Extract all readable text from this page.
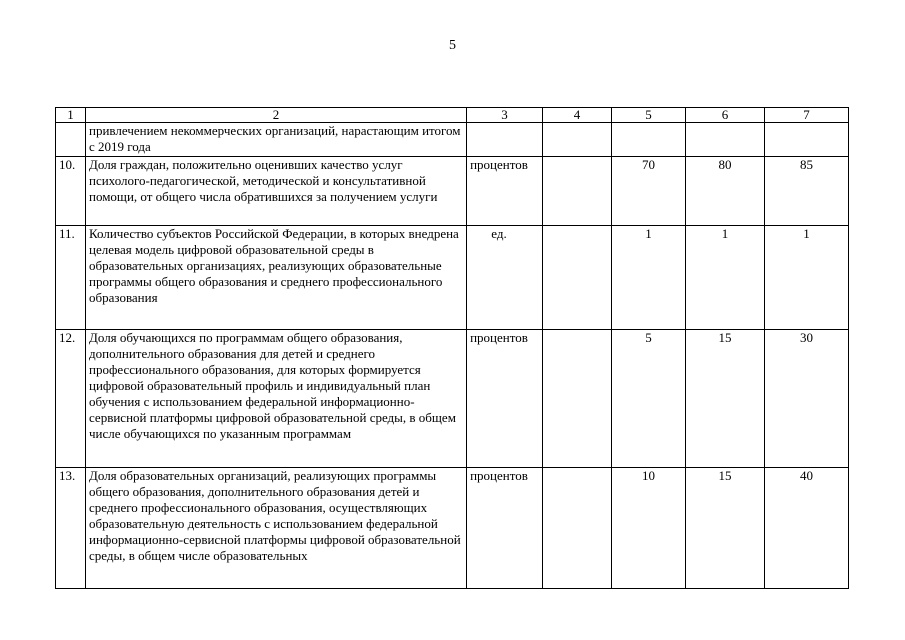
5
1	2	3	4	5	6	7
	привлечением некоммерческих организаций, нарастающим итогом с 2019 года					
10.	Доля граждан, положительно оценивших качество услуг психолого-педагогической, методической и консультативной помощи, от общего числа обратившихся за получением услуги	процентов		70	80	85
11.	Количество субъектов Российской Федерации, в которых внедрена целевая модель цифровой образовательной среды в образовательных организациях, реализующих образовательные программы общего образования и среднего профессионального образования	ед.		1	1	1
12.	Доля обучающихся по программам общего образования, дополнительного образования для детей и среднего профессионального образования, для которых формируется цифровой образовательный профиль и индивидуальный план обучения с использованием федеральной информационно-сервисной платформы цифровой образовательной среды, в общем числе обучающихся по указанным программам	процентов		5	15	30
13.	Доля образовательных организаций, реализующих программы общего образования, дополнительного образования детей и среднего профессионального образования, осуществляющих образовательную деятельность с использованием федеральной информационно-сервисной платформы цифровой образовательной среды, в общем числе образовательных	процентов		10	15	40
